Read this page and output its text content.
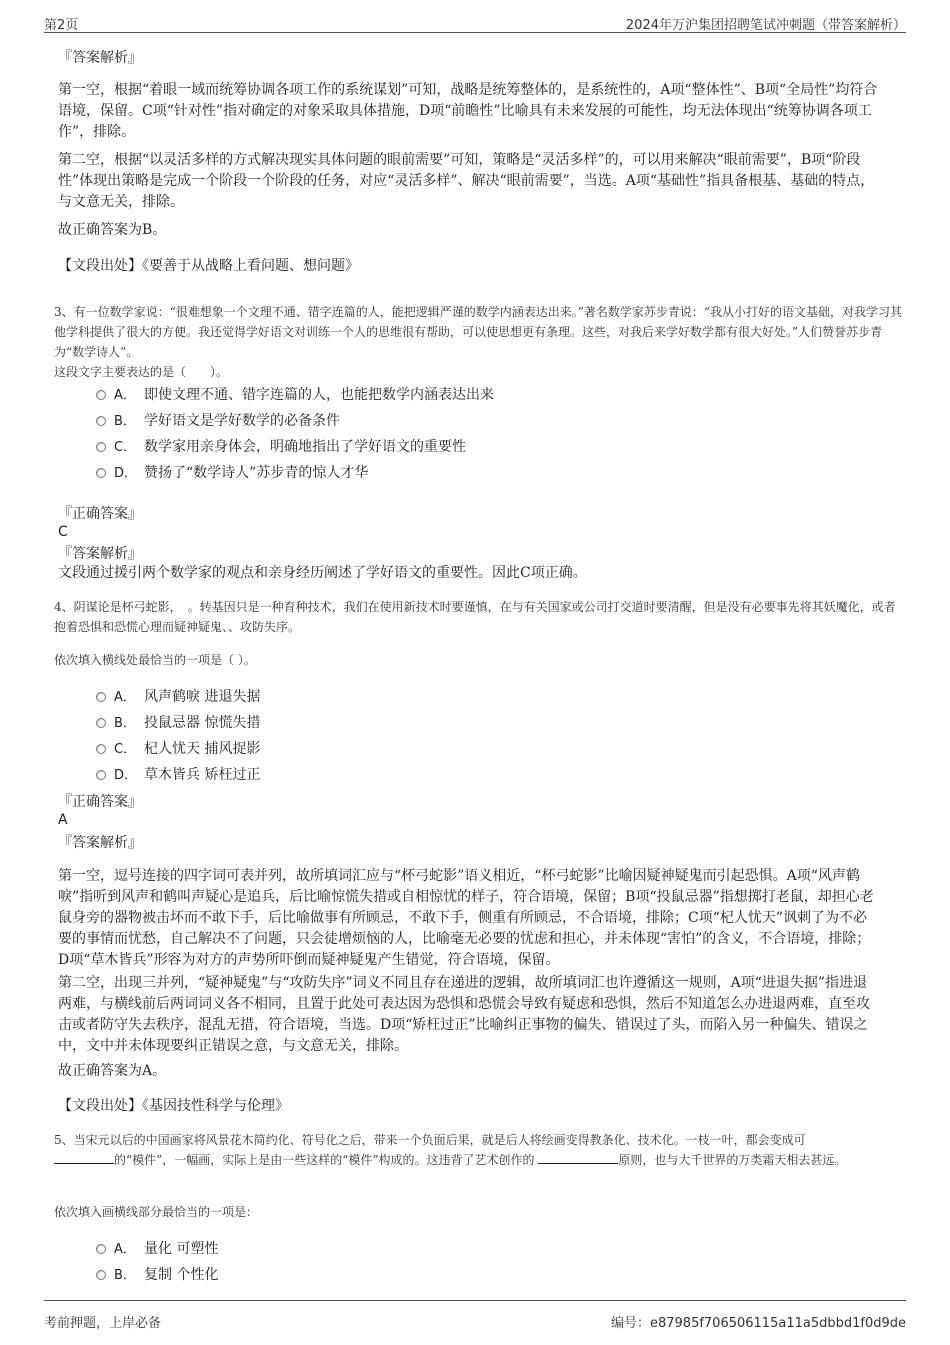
第2页	2024年万沪集团招聘笔试冲刺题（带答案解析）
『答案解析』

第一空，根据“着眼一域而统筹协调各项工作的系统谋划”可知，战略是统筹整体的，是系统性的，A项“整体性”、B项“全局性”均符合语境，保留。C项“针对性”指对确定的对象采取具体措施，D项“前瞻性”比喻具有未来发展的可能性，均无法体现出“统筹协调各项工作”，排除。

第二空，根据“以灵活多样的方式解决现实具体问题的眼前需要”可知，策略是“灵活多样”的，可以用来解决“眼前需要”，B项“阶段性”体现出策略是完成一个阶段一个阶段的任务，对应“灵活多样”、解决“眼前需要”，当选。A项“基础性”指具备根基、基础的特点，与文意无关，排除。

故正确答案为B。
【文段出处】《要善于从战略上看问题、想问题》

3、有一位数学家说：“很难想象一个文理不通、错字连篇的人，能把逻辑严谨的数学内涵表达出来。”著名数学家苏步青说：“我从小打好的语文基础，对我学习其他学科提供了很大的方便。我还觉得学好语文对训练一个人的思维很有帮助，可以使思想更有条理。这些，对我后来学好数学都有很大好处。”人们赞誉苏步青为“数学诗人”。

这段文字主要表达的是（　　）。
A． 即使文理不通、错字连篇的人，也能把数学内涵表达出来
B． 学好语文是学好数学的必备条件
C． 数学家用亲身体会，明确地指出了学好语文的重要性
D． 赞扬了“数学诗人”苏步青的惊人才华
『正确答案』
C
『答案解析』
文段通过援引两个数学家的观点和亲身经历阐述了学好语文的重要性。因此C项正确。

4、阴谋论是杯弓蛇影，　。转基因只是一种育种技术，我们在使用新技术时要谨慎，在与有关国家或公司打交道时要清醒，但是没有必要事先将其妖魔化，或者抱着恐惧和恐慌心理而疑神疑鬼、、攻防失序。

依次填入横线处最恰当的一项是（ ）。
A． 风声鹤唳 进退失据
B． 投鼠忌器 惊慌失措
C． 杞人忧天 捕风捉影
D． 草木皆兵 矫枉过正
『正确答案』
A
『答案解析』

第一空，逗号连接的四字词可表并列，故所填词汇应与“杯弓蛇影”语义相近，“杯弓蛇影”比喻因疑神疑鬼而引起恐惧。A项“风声鹤唳”指听到风声和鹤叫声疑心是追兵，后比喻惊慌失措或自相惊忧的样子，符合语境，保留；B项“投鼠忌器”指想掷打老鼠，却担心老鼠身旁的器物被击坏而不敢下手，后比喻做事有所顾忌，不敢下手，侧重有所顾忌，不合语境，排除；C项“杞人忧天”讽刺了为不必要的事情而忧愁，自己解决不了问题，只会徒增烦恼的人，比喻毫无必要的忧虑和担心，并未体现“害怕”的含义，不合语境，排除；D项“草木皆兵”形容为对方的声势所吓倒而疑神疑鬼产生错觉，符合语境，保留。

第二空，出现三并列，“疑神疑鬼”与“攻防失序”词义不同且存在递进的逻辑，故所填词汇也许遵循这一规则，A项“进退失据”指进退两难，与横线前后两词词义各不相同，且置于此处可表达因为恐惧和恐慌会导致有疑虑和恐惧，然后不知道怎么办进退两难，直至攻击或者防守失去秩序，混乱无措，符合语境，当选。D项“矫枉过正”比喻纠正事物的偏失、错误过了头，而陷入另一种偏失、错误之中，文中并未体现要纠正错误之意，与文意无关，排除。

故正确答案为A。
【文段出处】《基因技性科学与伦理》

5、当宋元以后的中国画家将风景花木简约化、符号化之后，带来一个负面后果，就是后人将绘画变得教条化、技术化。一枝一叶，都会变成可
的“模件”，一幅画，实际上是由一些这样的“模件”构成的。这违背了艺术创作的	原则，也与大千世界的万类霜天相去甚远。

依次填入画横线部分最恰当的一项是：
A． 量化 可塑性
B． 复制 个性化
考前押题，上岸必备	编号：e87985f706506115a11a5dbbd1f0d9de
